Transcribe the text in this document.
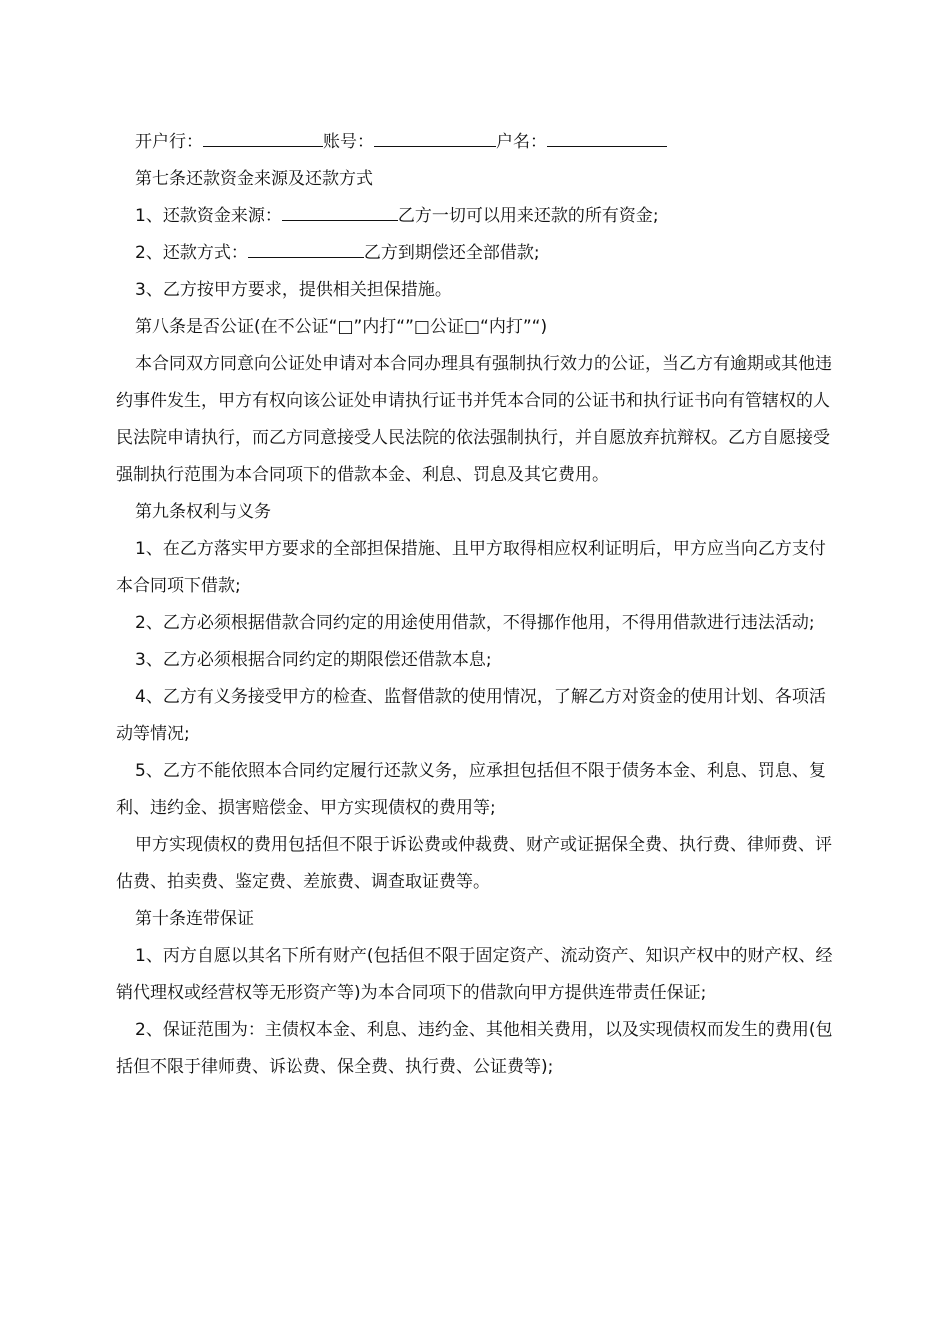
开户行：	账号：	户名：

第七条还款资金来源及还款方式

1、还款资金来源：	乙方一切可以用来还款的所有资金;

2、还款方式：	乙方到期偿还全部借款;

3、乙方按甲方要求，提供相关担保措施。

第八条是否公证(在不公证“□”内打“”□公证□“内打”“)

本合同双方同意向公证处申请对本合同办理具有强制执行效力的公证，当乙方有逾期或其他违约事件发生，甲方有权向该公证处申请执行证书并凭本合同的公证书和执行证书向有管辖权的人民法院申请执行，而乙方同意接受人民法院的依法强制执行，并自愿放弃抗辩权。乙方自愿接受强制执行范围为本合同项下的借款本金、利息、罚息及其它费用。

第九条权利与义务

1、在乙方落实甲方要求的全部担保措施、且甲方取得相应权利证明后，甲方应当向乙方支付本合同项下借款;

2、乙方必须根据借款合同约定的用途使用借款，不得挪作他用，不得用借款进行违法活动;

3、乙方必须根据合同约定的期限偿还借款本息;

4、乙方有义务接受甲方的检查、监督借款的使用情况，了解乙方对资金的使用计划、各项活动等情况;

5、乙方不能依照本合同约定履行还款义务，应承担包括但不限于债务本金、利息、罚息、复利、违约金、损害赔偿金、甲方实现债权的费用等;

甲方实现债权的费用包括但不限于诉讼费或仲裁费、财产或证据保全费、执行费、律师费、评估费、拍卖费、鉴定费、差旅费、调查取证费等。

第十条连带保证

1、丙方自愿以其名下所有财产(包括但不限于固定资产、流动资产、知识产权中的财产权、经销代理权或经营权等无形资产等)为本合同项下的借款向甲方提供连带责任保证;

2、保证范围为：主债权本金、利息、违约金、其他相关费用，以及实现债权而发生的费用(包括但不限于律师费、诉讼费、保全费、执行费、公证费等);
